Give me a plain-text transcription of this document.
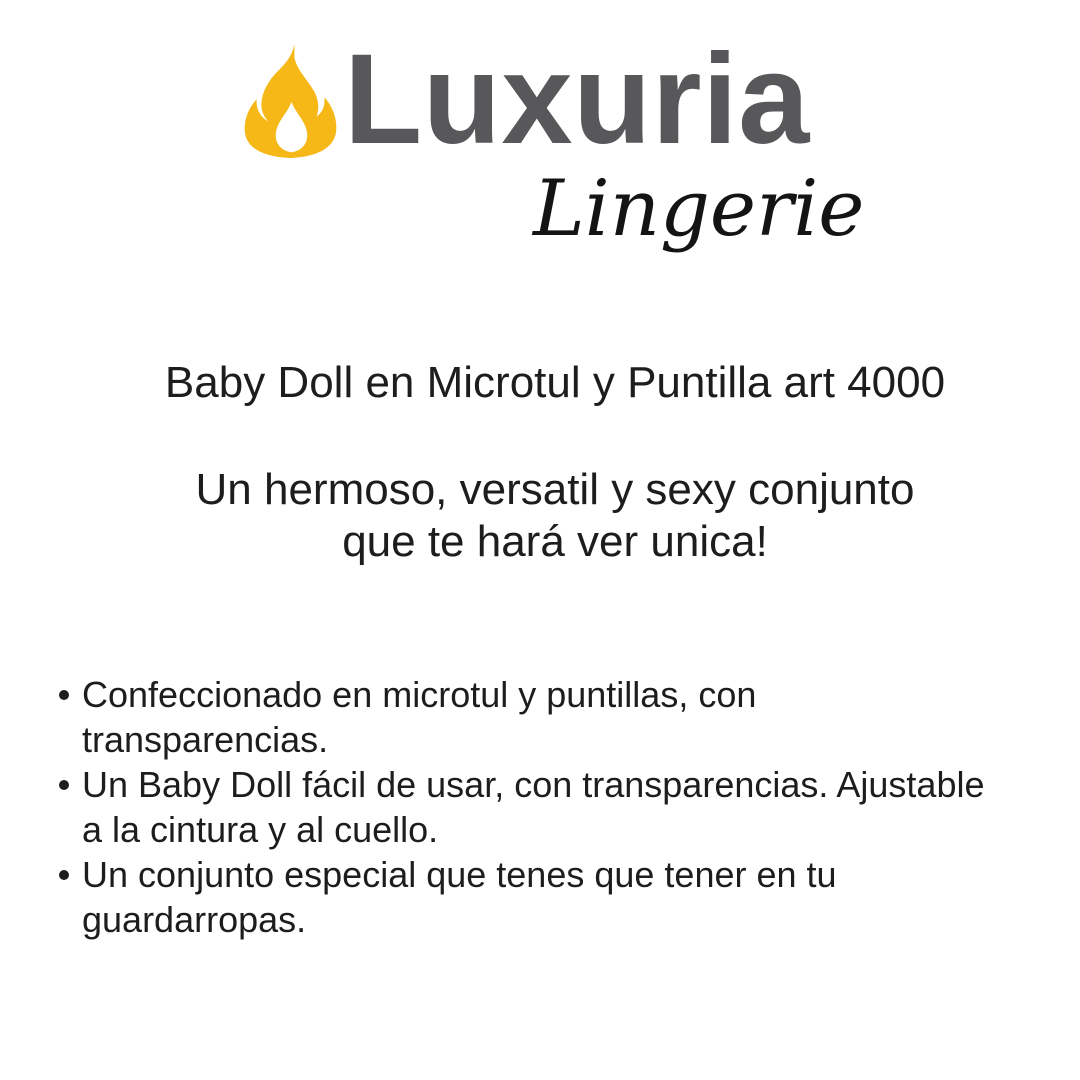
Luxuria
Lingerie
Baby Doll en Microtul y Puntilla art 4000
Un hermoso, versatil y sexy conjunto
que te hará ver unica!
Confeccionado en microtul y puntillas, con
transparencias.
Un Baby Doll fácil de usar, con transparencias. Ajustable
a la cintura y al cuello.
Un conjunto especial que tenes que tener en tu
guardarropas.
